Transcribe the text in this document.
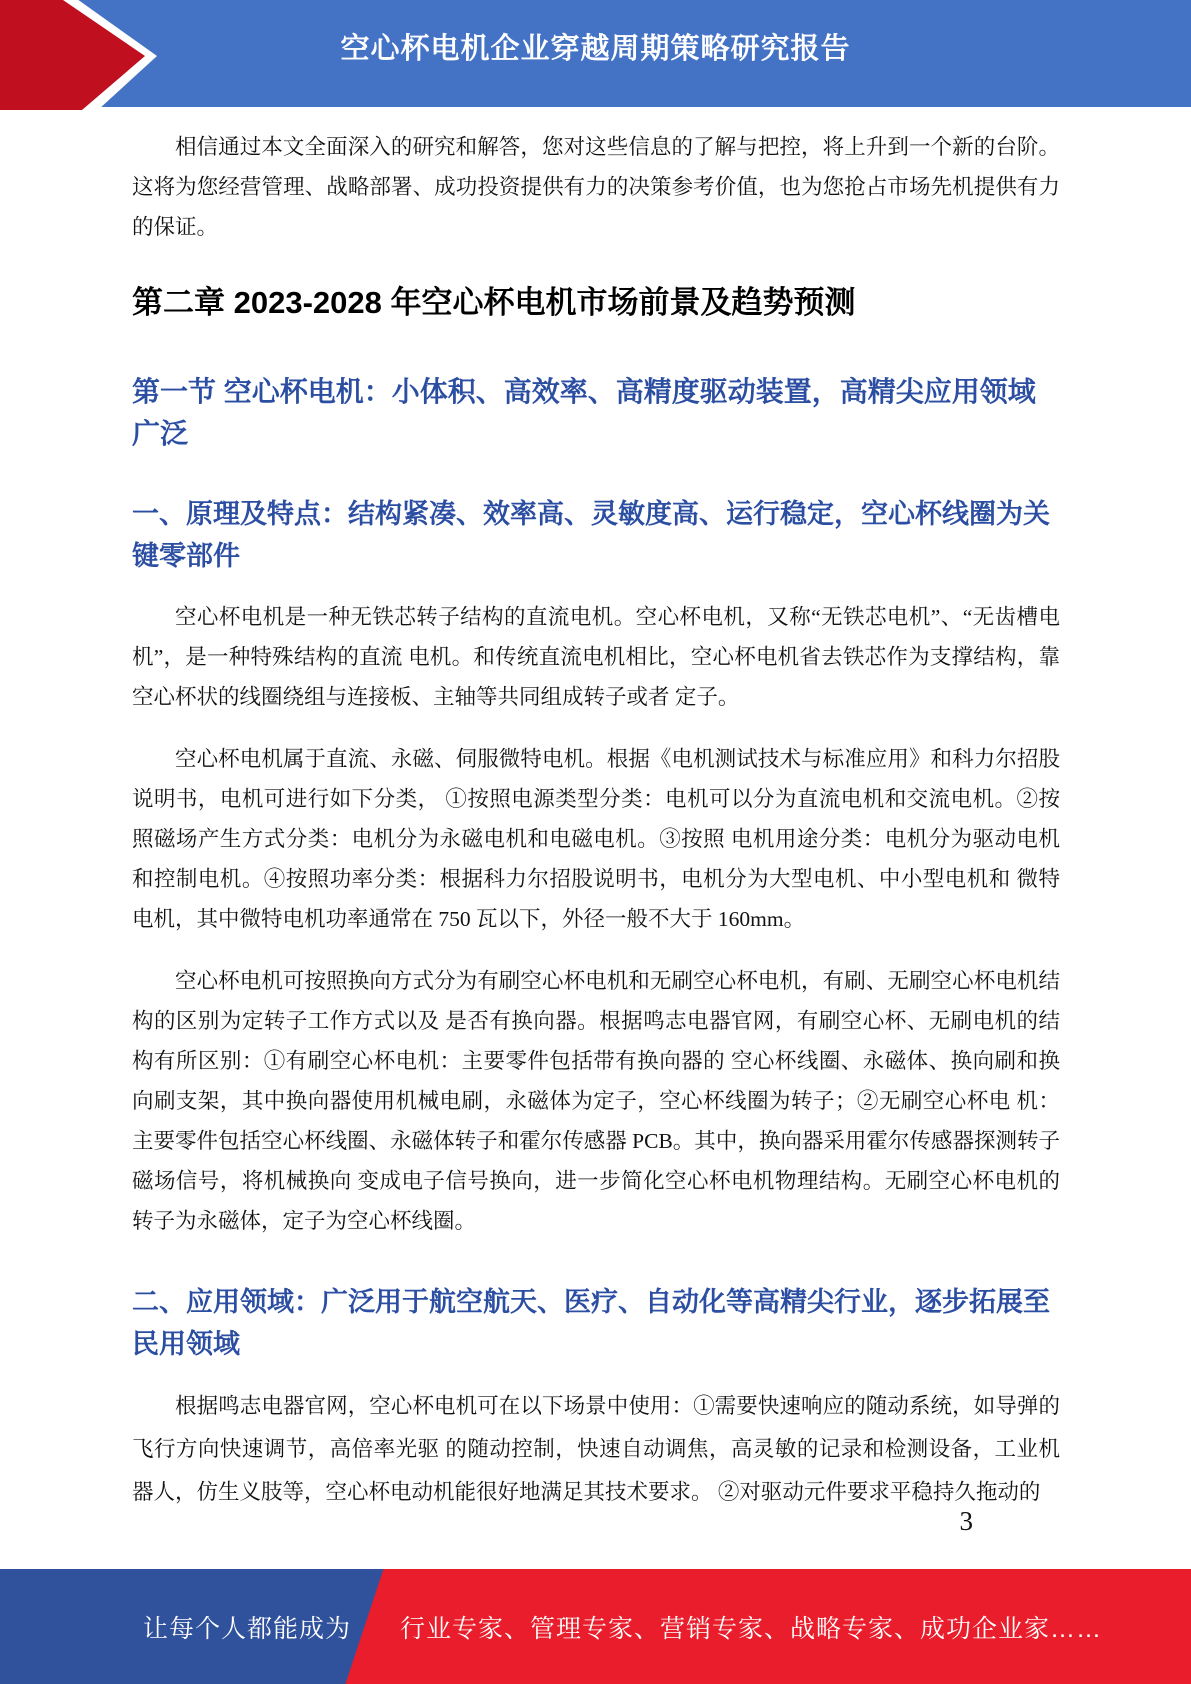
空心杯电机企业穿越周期策略研究报告

相信通过本文全面深入的研究和解答，您对这些信息的了解与把控，将上升到一个新的台阶。这将为您经营管理、战略部署、成功投资提供有力的决策参考价值，也为您抢占市场先机提供有力的保证。

第二章 2023-2028 年空心杯电机市场前景及趋势预测
第一节 空心杯电机：小体积、高效率、高精度驱动装置，高精尖应用领域广泛
一、原理及特点：结构紧凑、效率高、灵敏度高、运行稳定，空心杯线圈为关键零部件

空心杯电机是一种无铁芯转子结构的直流电机。空心杯电机，又称“无铁芯电机”、“无齿槽电机”，是一种特殊结构的直流 电机。和传统直流电机相比，空心杯电机省去铁芯作为支撑结构，靠空心杯状的线圈绕组与连接板、主轴等共同组成转子或者 定子。

空心杯电机属于直流、永磁、伺服微特电机。根据《电机测试技术与标准应用》和科力尔招股说明书，电机可进行如下分类， ①按照电源类型分类：电机可以分为直流电机和交流电机。②按照磁场产生方式分类：电机分为永磁电机和电磁电机。③按照 电机用途分类：电机分为驱动电机和控制电机。④按照功率分类：根据科力尔招股说明书，电机分为大型电机、中小型电机和 微特电机，其中微特电机功率通常在 750 瓦以下，外径一般不大于 160mm。

空心杯电机可按照换向方式分为有刷空心杯电机和无刷空心杯电机，有刷、无刷空心杯电机结构的区别为定转子工作方式以及 是否有换向器。根据鸣志电器官网，有刷空心杯、无刷电机的结构有所区别：①有刷空心杯电机：主要零件包括带有换向器的 空心杯线圈、永磁体、换向刷和换向刷支架，其中换向器使用机械电刷，永磁体为定子，空心杯线圈为转子；②无刷空心杯电 机：主要零件包括空心杯线圈、永磁体转子和霍尔传感器 PCB。其中，换向器采用霍尔传感器探测转子磁场信号，将机械换向 变成电子信号换向，进一步简化空心杯电机物理结构。无刷空心杯电机的转子为永磁体，定子为空心杯线圈。

二、应用领域：广泛用于航空航天、医疗、自动化等高精尖行业，逐步拓展至民用领域

根据鸣志电器官网，空心杯电机可在以下场景中使用：①需要快速响应的随动系统，如导弹的飞行方向快速调节，高倍率光驱 的随动控制，快速自动调焦，高灵敏的记录和检测设备，工业机器人，仿生义肢等，空心杯电动机能很好地满足其技术要求。 ②对驱动元件要求平稳持久拖动的

3
让每个人都能成为 行业专家、管理专家、营销专家、战略专家、成功企业家……
